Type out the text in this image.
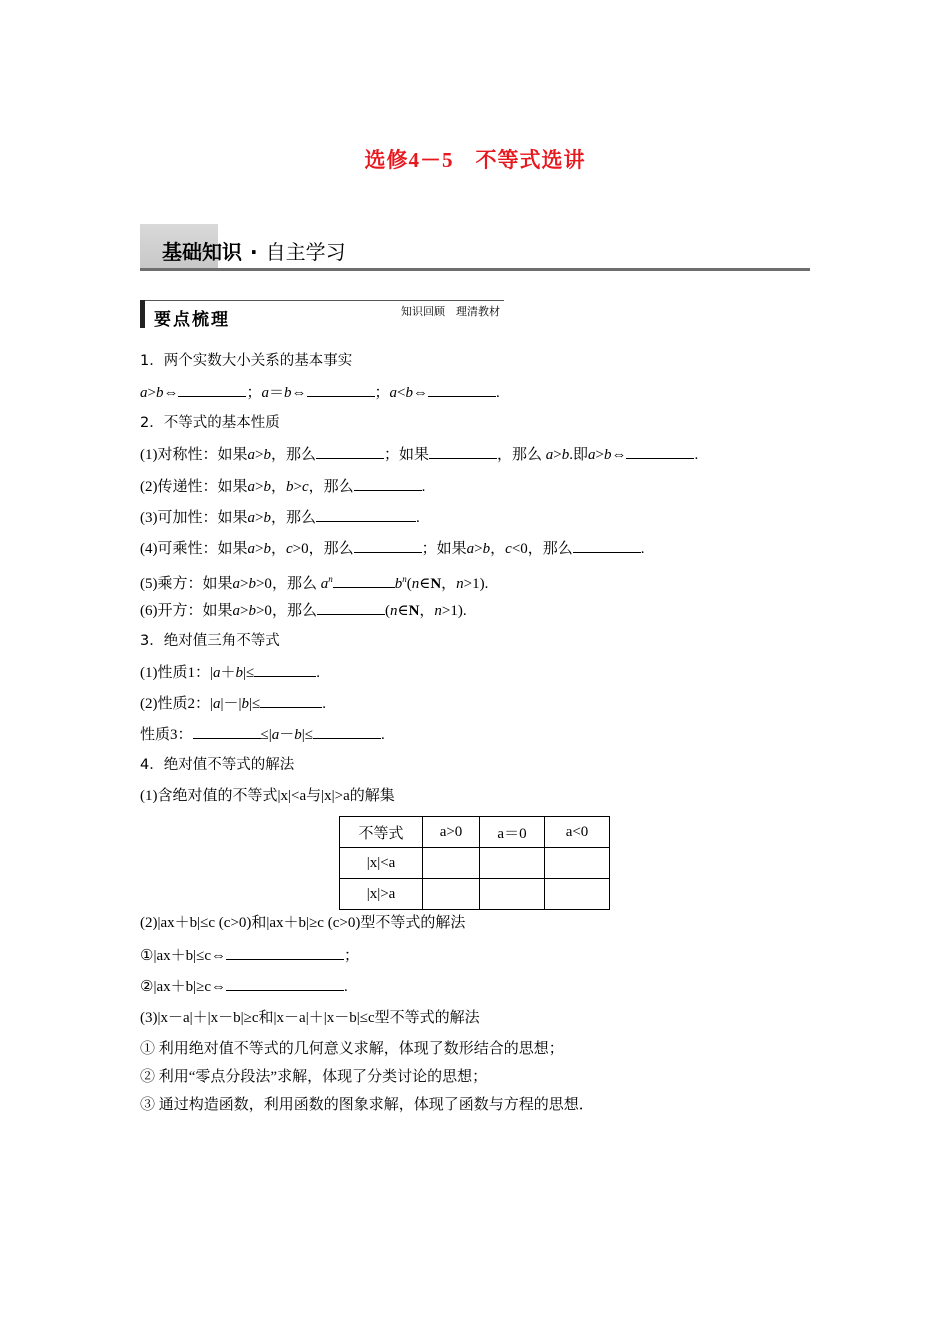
选修4－5　不等式选讲
基础知识 · 自主学习
要点梳理	知识回顾　理清教材
1．两个实数大小关系的基本事实
a>b⇔	；a＝b⇔	；a<b⇔	.
2．不等式的基本性质
(1)对称性：如果a>b，那么	；如果	，那么 a>b.即a>b⇔	.
(2)传递性：如果a>b，b>c，那么	.
(3)可加性：如果a>b，那么	.
(4)可乘性：如果a>b，c>0，那么	；如果a>b，c<0，那么	.
(5)乘方：如果a>b>0，那么 $a^n$	$b^n(n\in N$，n>1).
(6)开方：如果a>b>0，那么	(n∈N，n>1).
3．绝对值三角不等式
(1)性质1：|a＋b|≤	.
(2)性质2：|a|－|b|≤	.
性质3：	≤|a－b|≤	.
4．绝对值不等式的解法
(1)含绝对值的不等式|x|<a与|x|>a的解集
不等式	a>0	a＝0	a<0
|x|<a			
|x|>a			
(2)|ax＋b|≤c (c>0)和|ax＋b|≥c (c>0)型不等式的解法
①|ax＋b|≤c⇔	；
②|ax＋b|≥c⇔	.
(3)|x－a|＋|x－b|≥c和|x－a|＋|x－b|≤c型不等式的解法
① 利用绝对值不等式的几何意义求解，体现了数形结合的思想；
② 利用“零点分段法”求解，体现了分类讨论的思想；
③ 通过构造函数，利用函数的图象求解，体现了函数与方程的思想．
